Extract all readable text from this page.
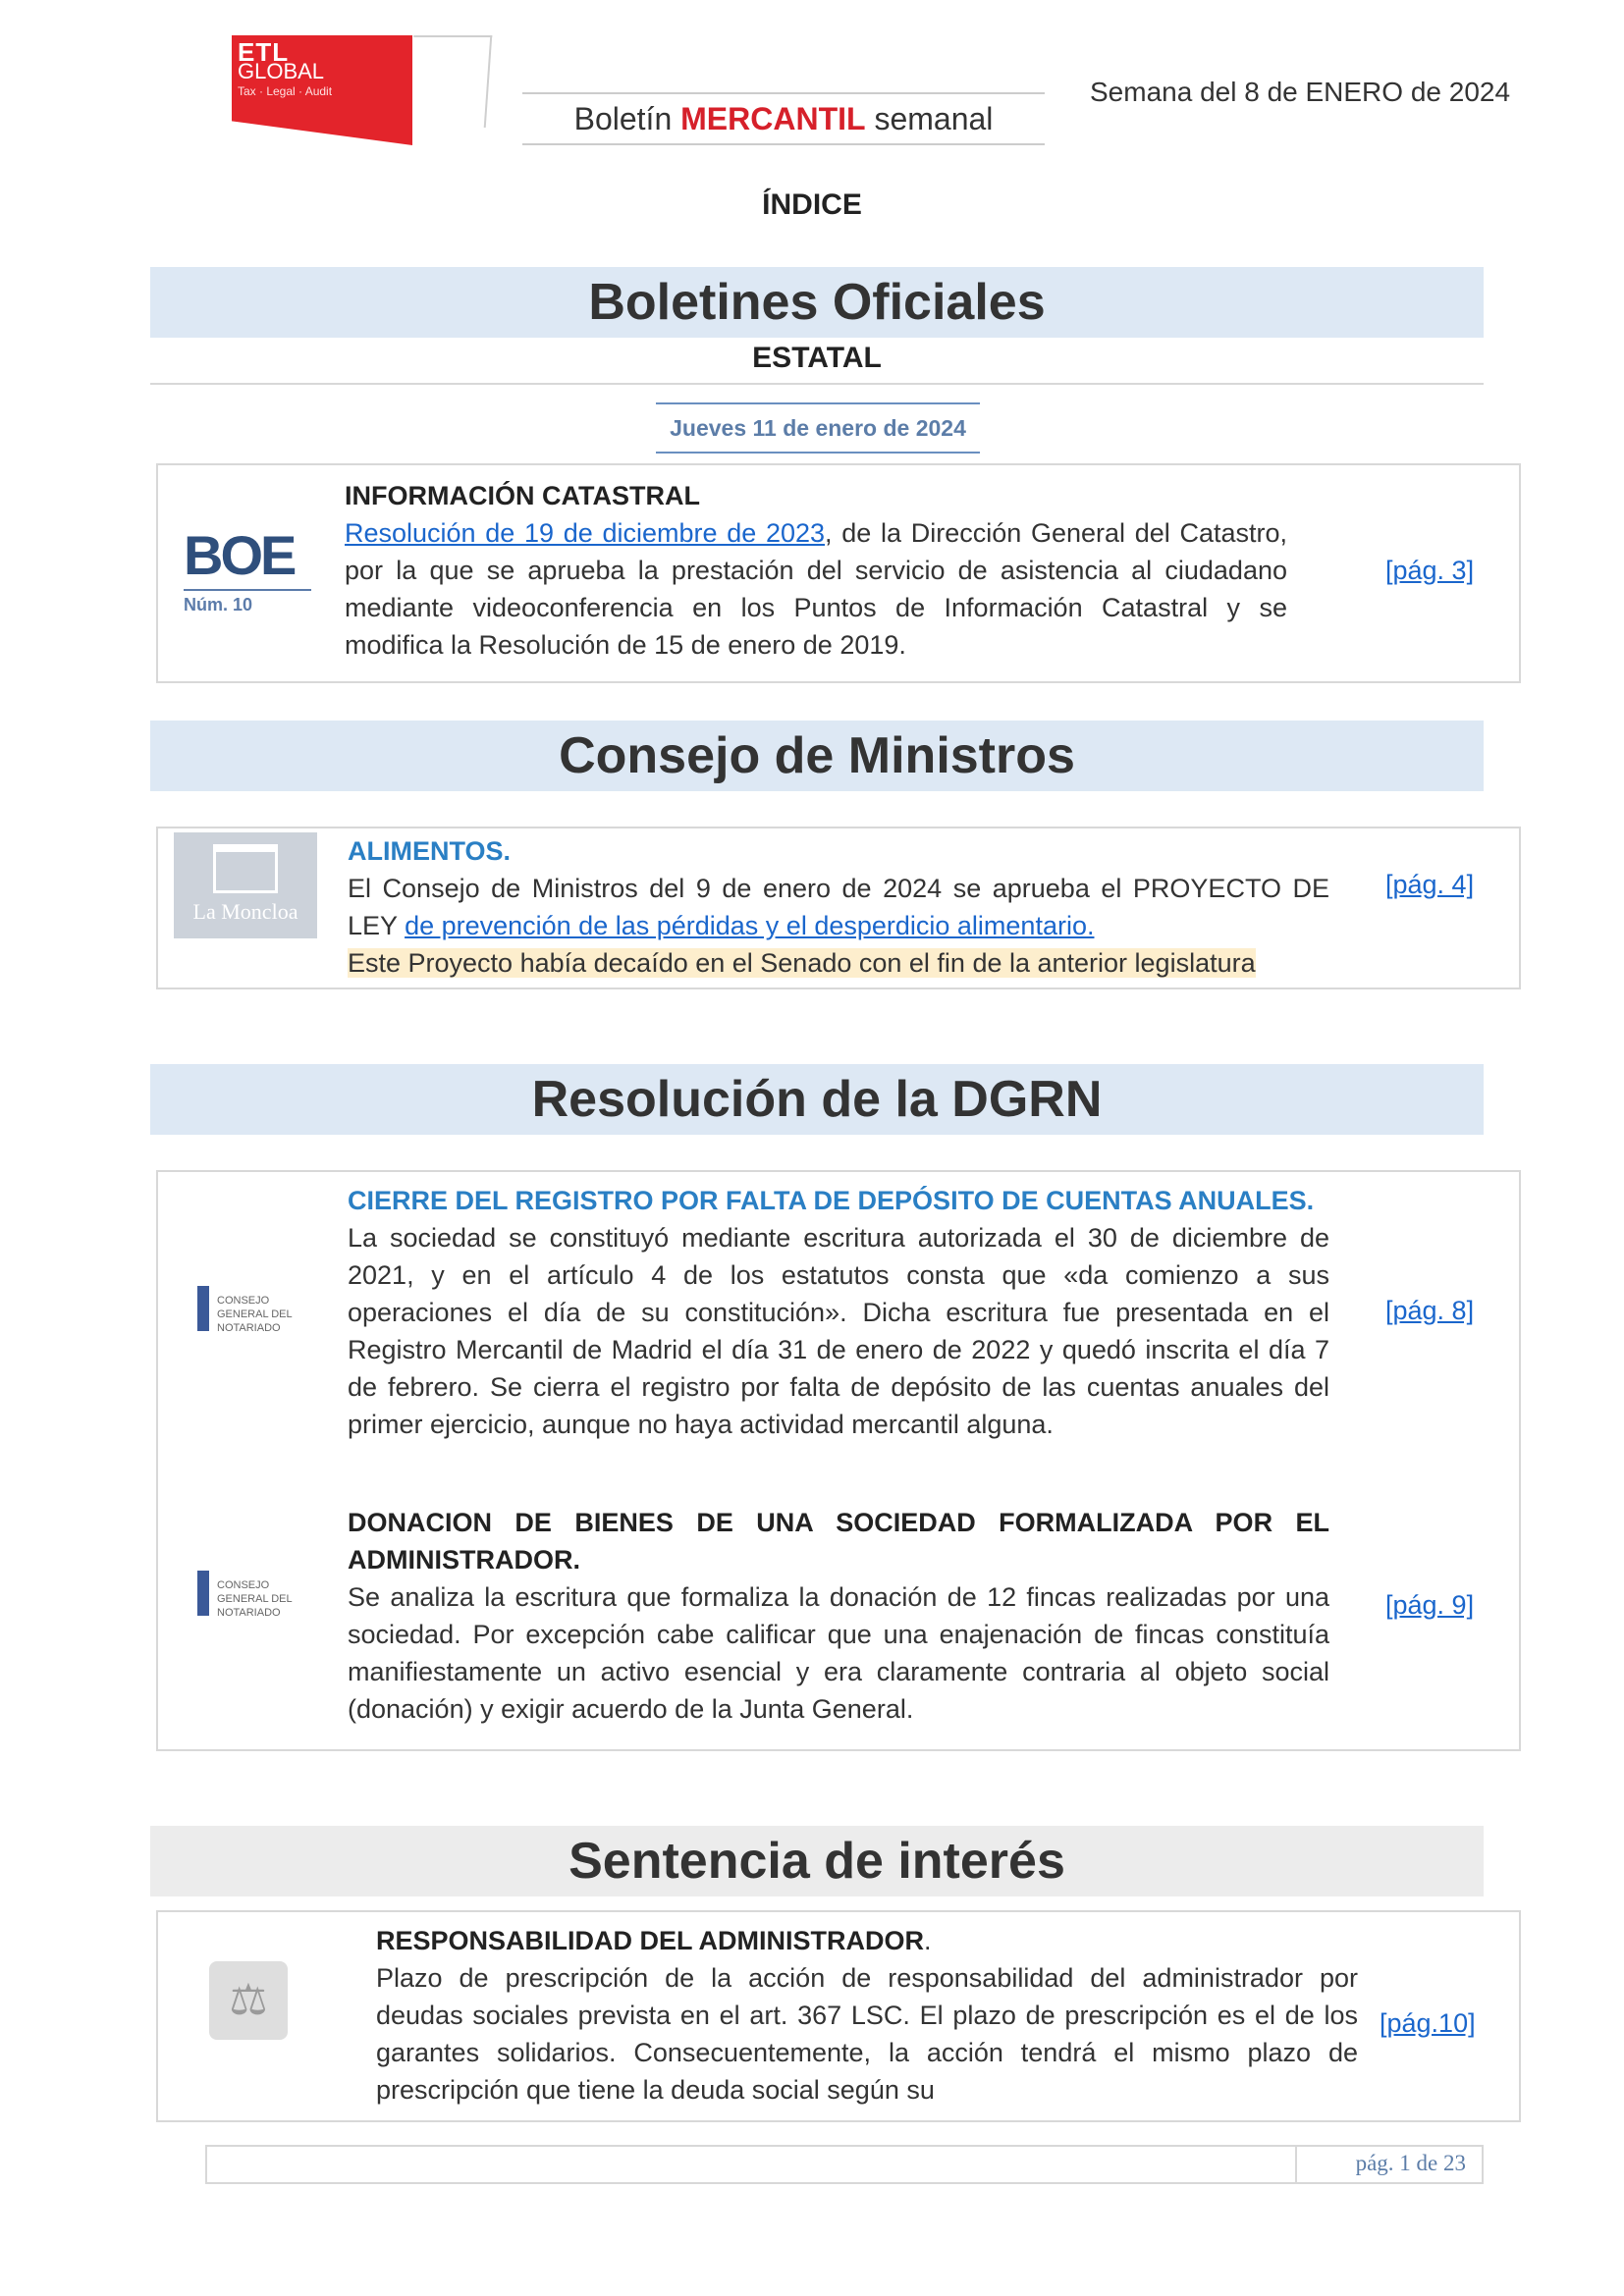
ETL
GLOBAL
Tax · Legal · Audit
Boletín MERCANTIL semanal
Semana del 8 de ENERO de 2024
ÍNDICE
Boletines Oficiales
ESTATAL
Jueves 11 de enero de 2024
BOE
Núm. 10
INFORMACIÓN CATASTRAL
Resolución de 19 de diciembre de 2023, de la Dirección General del Catastro, por la que se aprueba la prestación del servicio de asistencia al ciudadano mediante videoconferencia en los Puntos de Información Catastral y se modifica la Resolución de 15 de enero de 2019.
[pág. 3]
Consejo de Ministros
La Moncloa
ALIMENTOS.
El Consejo de Ministros del 9 de enero de 2024 se aprueba el PROYECTO DE LEY de prevención de las pérdidas y el desperdicio alimentario.
Este Proyecto había decaído en el Senado con el fin de la anterior legislatura
[pág. 4]
Resolución de la DGRN
CONSEJO GENERAL DEL NOTARIADO
CIERRE DEL REGISTRO POR FALTA DE DEPÓSITO DE CUENTAS ANUALES.
La sociedad se constituyó mediante escritura autorizada el 30 de diciembre de 2021, y en el artículo 4 de los estatutos consta que «da comienzo a sus operaciones el día de su constitución». Dicha escritura fue presentada en el Registro Mercantil de Madrid el día 31 de enero de 2022 y quedó inscrita el día 7 de febrero. Se cierra el registro por falta de depósito de las cuentas anuales del primer ejercicio, aunque no haya actividad mercantil alguna.
[pág. 8]
CONSEJO GENERAL DEL NOTARIADO
DONACION DE BIENES DE UNA SOCIEDAD FORMALIZADA POR EL ADMINISTRADOR.
Se analiza la escritura que formaliza la donación de 12 fincas realizadas por una sociedad. Por excepción cabe calificar que una enajenación de fincas constituía manifiestamente un activo esencial y era claramente contraria al objeto social (donación) y exigir acuerdo de la Junta General.
[pág. 9]
Sentencia de interés
⚖
RESPONSABILIDAD DEL ADMINISTRADOR.
Plazo de prescripción de la acción de responsabilidad del administrador por deudas sociales prevista en el art. 367 LSC. El plazo de prescripción es el de los garantes solidarios. Consecuentemente, la acción tendrá el mismo plazo de prescripción que tiene la deuda social según su
[pág.10]
pág. 1 de 23
